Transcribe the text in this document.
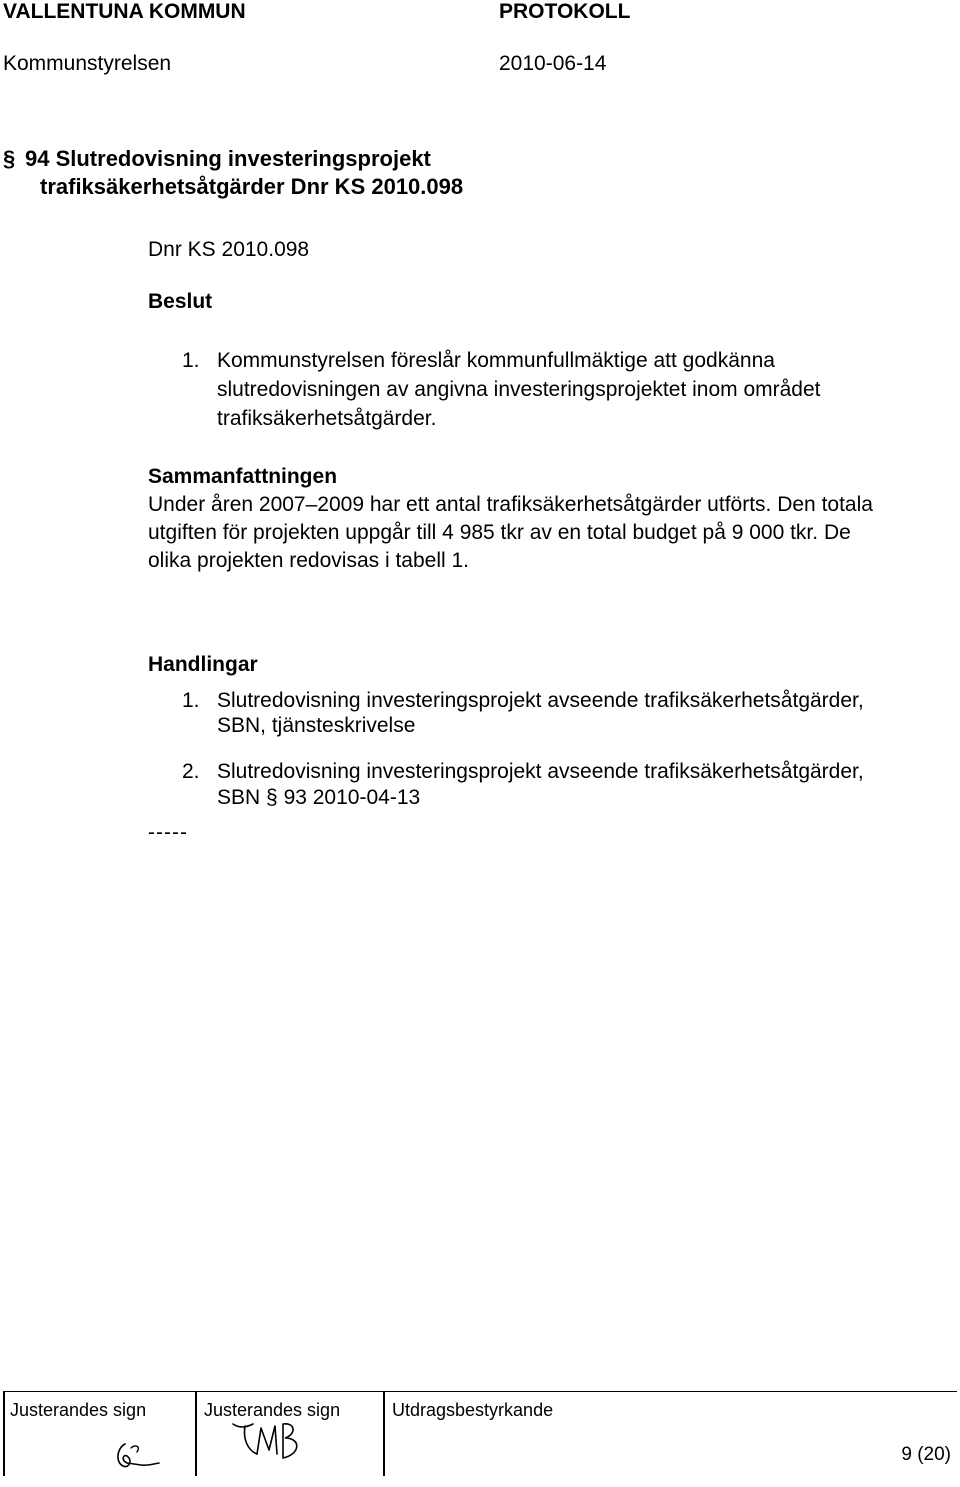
VALLENTUNA KOMMUN	PROTOKOLL
Kommunstyrelsen	2010-06-14
§ 94 Slutredovisning investeringsprojekt
trafiksäkerhetsåtgärder Dnr KS 2010.098
Dnr KS 2010.098
Beslut
1. Kommunstyrelsen föreslår kommunfullmäktige att godkänna
slutredovisningen av angivna investeringsprojektet inom området
trafiksäkerhetsåtgärder.
Sammanfattningen
Under åren 2007–2009 har ett antal trafiksäkerhetsåtgärder utförts. Den totala
utgiften för projekten uppgår till 4 985 tkr av en total budget på 9 000 tkr. De
olika projekten redovisas i tabell 1.
Handlingar
1. Slutredovisning investeringsprojekt avseende trafiksäkerhetsåtgärder,
SBN, tjänsteskrivelse
2. Slutredovisning investeringsprojekt avseende trafiksäkerhetsåtgärder,
SBN § 93 2010-04-13
-----
Justerandes sign	Justerandes sign	Utdragsbestyrkande
9 (20)
